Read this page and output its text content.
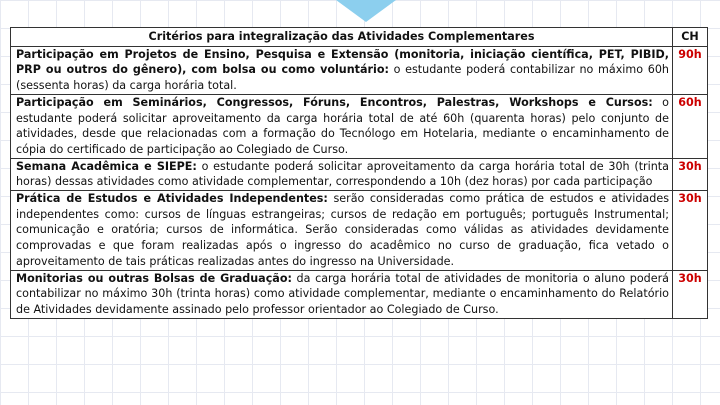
Critérios para integralização das Atividades Complementares	CH
Participação em Projetos de Ensino, Pesquisa e Extensão (monitoria, iniciação científica, PET, PIBID, PRP ou outros do gênero), com bolsa ou como voluntário: o estudante poderá contabilizar no máximo 60h (sessenta horas) da carga horária total.	90h
Participação em Seminários, Congressos, Fóruns, Encontros, Palestras, Workshops e Cursos: o estudante poderá solicitar aproveitamento da carga horária total de até 60h (quarenta horas) pelo conjunto de atividades, desde que relacionadas com a formação do Tecnólogo em Hotelaria, mediante o encaminhamento de cópia do certificado de participação ao Colegiado de Curso.	60h
Semana Acadêmica e SIEPE: o estudante poderá solicitar aproveitamento da carga horária total de 30h (trinta horas) dessas atividades como atividade complementar, correspondendo a 10h (dez horas) por cada participação	30h
Prática de Estudos e Atividades Independentes: serão consideradas como prática de estudos e atividades independentes como: cursos de línguas estrangeiras; cursos de redação em português; português Instrumental; comunicação e oratória; cursos de informática. Serão consideradas como válidas as atividades devidamente comprovadas e que foram realizadas após o ingresso do acadêmico no curso de graduação, fica vetado o aproveitamento de tais práticas realizadas antes do ingresso na Universidade.	30h
Monitorias ou outras Bolsas de Graduação: da carga horária total de atividades de monitoria o aluno poderá contabilizar no máximo 30h (trinta horas) como atividade complementar, mediante o encaminhamento do Relatório de Atividades devidamente assinado pelo professor orientador ao Colegiado de Curso.	30h
